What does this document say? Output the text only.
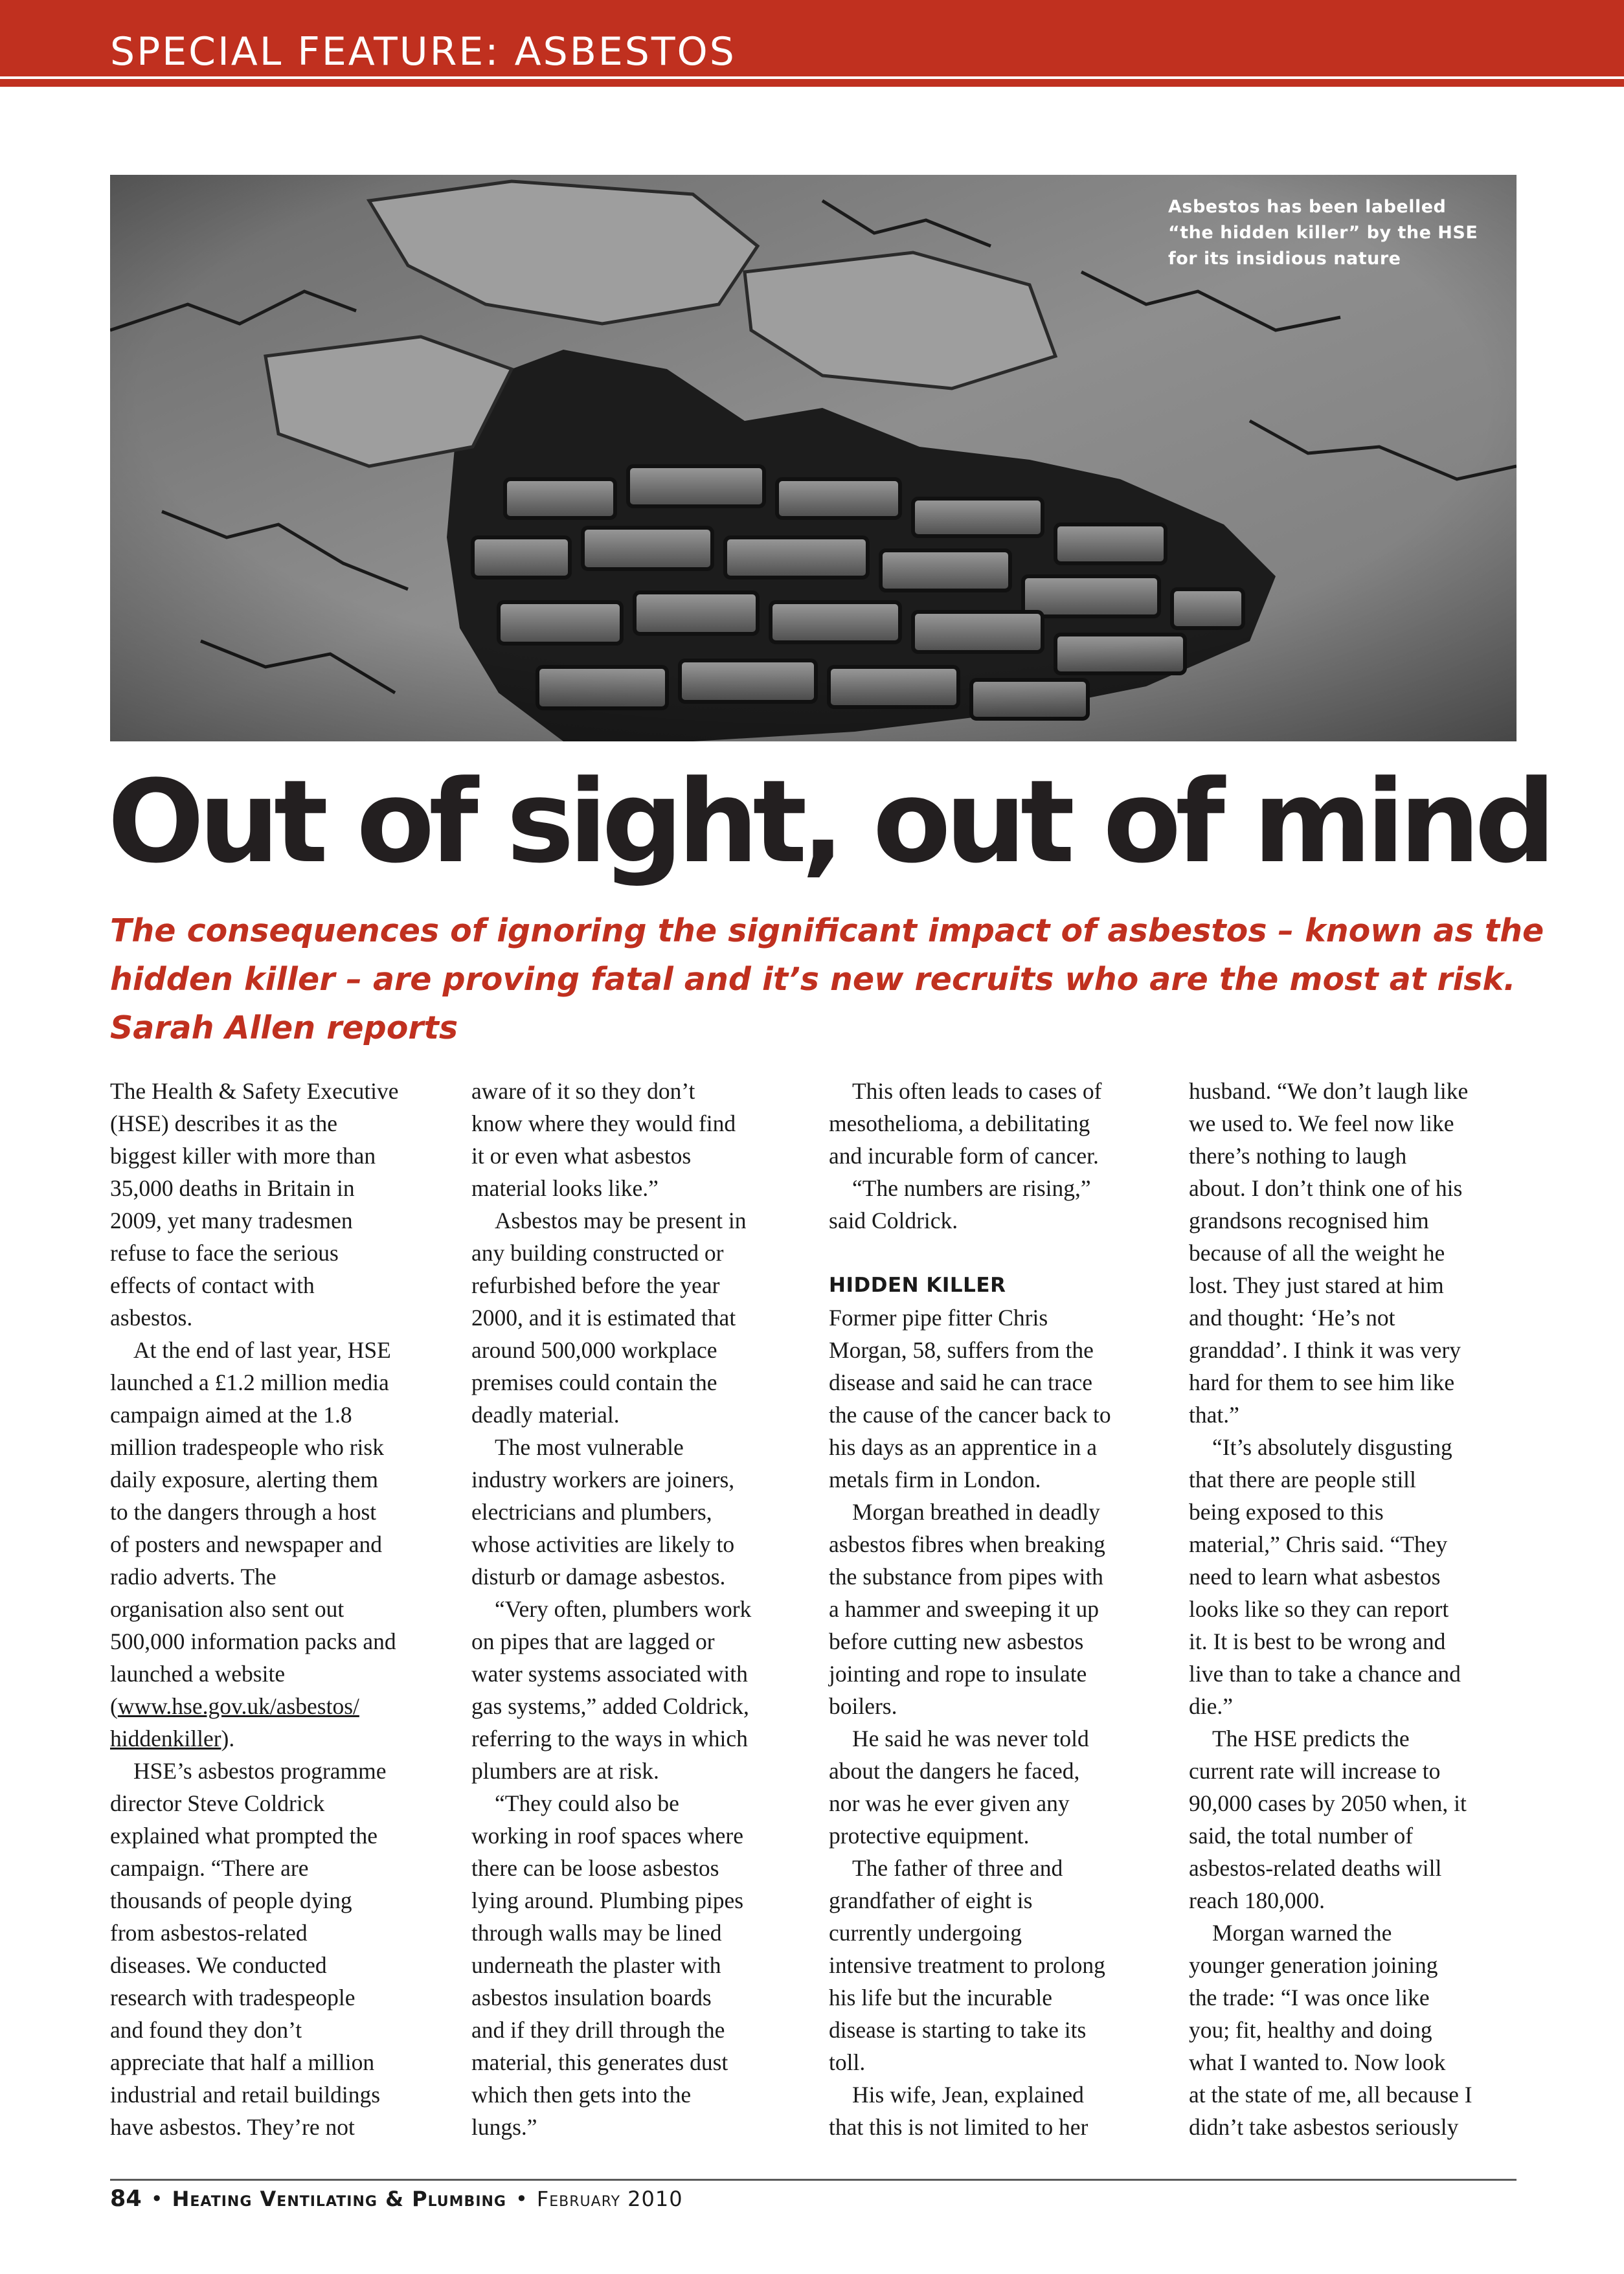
SPECIAL FEATURE: ASBESTOS
Asbestos has been labelled
“the hidden killer” by the HSE
for its insidious nature
Out of sight, out of mind
The consequences of ignoring the significant impact of asbestos – known as the
hidden killer – are proving fatal and it’s new recruits who are the most at risk.
Sarah Allen reports
The Health & Safety Executive
(HSE) describes it as the
biggest killer with more than
35,000 deaths in Britain in
2009, yet many tradesmen
refuse to face the serious
effects of contact with
asbestos.
At the end of last year, HSE
launched a £1.2 million media
campaign aimed at the 1.8
million tradespeople who risk
daily exposure, alerting them
to the dangers through a host
of posters and newspaper and
radio adverts. The
organisation also sent out
500,000 information packs and
launched a website
(www.hse.gov.uk/asbestos/
hiddenkiller).
HSE’s asbestos programme
director Steve Coldrick
explained what prompted the
campaign. “There are
thousands of people dying
from asbestos-related
diseases. We conducted
research with tradespeople
and found they don’t
appreciate that half a million
industrial and retail buildings
have asbestos. They’re not
aware of it so they don’t
know where they would find
it or even what asbestos
material looks like.”
Asbestos may be present in
any building constructed or
refurbished before the year
2000, and it is estimated that
around 500,000 workplace
premises could contain the
deadly material.
The most vulnerable
industry workers are joiners,
electricians and plumbers,
whose activities are likely to
disturb or damage asbestos.
“Very often, plumbers work
on pipes that are lagged or
water systems associated with
gas systems,” added Coldrick,
referring to the ways in which
plumbers are at risk.
“They could also be
working in roof spaces where
there can be loose asbestos
lying around. Plumbing pipes
through walls may be lined
underneath the plaster with
asbestos insulation boards
and if they drill through the
material, this generates dust
which then gets into the
lungs.”
This often leads to cases of
mesothelioma, a debilitating
and incurable form of cancer.
“The numbers are rising,”
said Coldrick.
HIDDEN KILLER
Former pipe fitter Chris
Morgan, 58, suffers from the
disease and said he can trace
the cause of the cancer back to
his days as an apprentice in a
metals firm in London.
Morgan breathed in deadly
asbestos fibres when breaking
the substance from pipes with
a hammer and sweeping it up
before cutting new asbestos
jointing and rope to insulate
boilers.
He said he was never told
about the dangers he faced,
nor was he ever given any
protective equipment.
The father of three and
grandfather of eight is
currently undergoing
intensive treatment to prolong
his life but the incurable
disease is starting to take its
toll.
His wife, Jean, explained
that this is not limited to her
husband. “We don’t laugh like
we used to. We feel now like
there’s nothing to laugh
about. I don’t think one of his
grandsons recognised him
because of all the weight he
lost. They just stared at him
and thought: ‘He’s not
granddad’. I think it was very
hard for them to see him like
that.”
“It’s absolutely disgusting
that there are people still
being exposed to this
material,” Chris said. “They
need to learn what asbestos
looks like so they can report
it. It is best to be wrong and
live than to take a chance and
die.”
The HSE predicts the
current rate will increase to
90,000 cases by 2050 when, it
said, the total number of
asbestos-related deaths will
reach 180,000.
Morgan warned the
younger generation joining
the trade: “I was once like
you; fit, healthy and doing
what I wanted to. Now look
at the state of me, all because I
didn’t take asbestos seriously
84 • Heating Ventilating & Plumbing • February 2010
